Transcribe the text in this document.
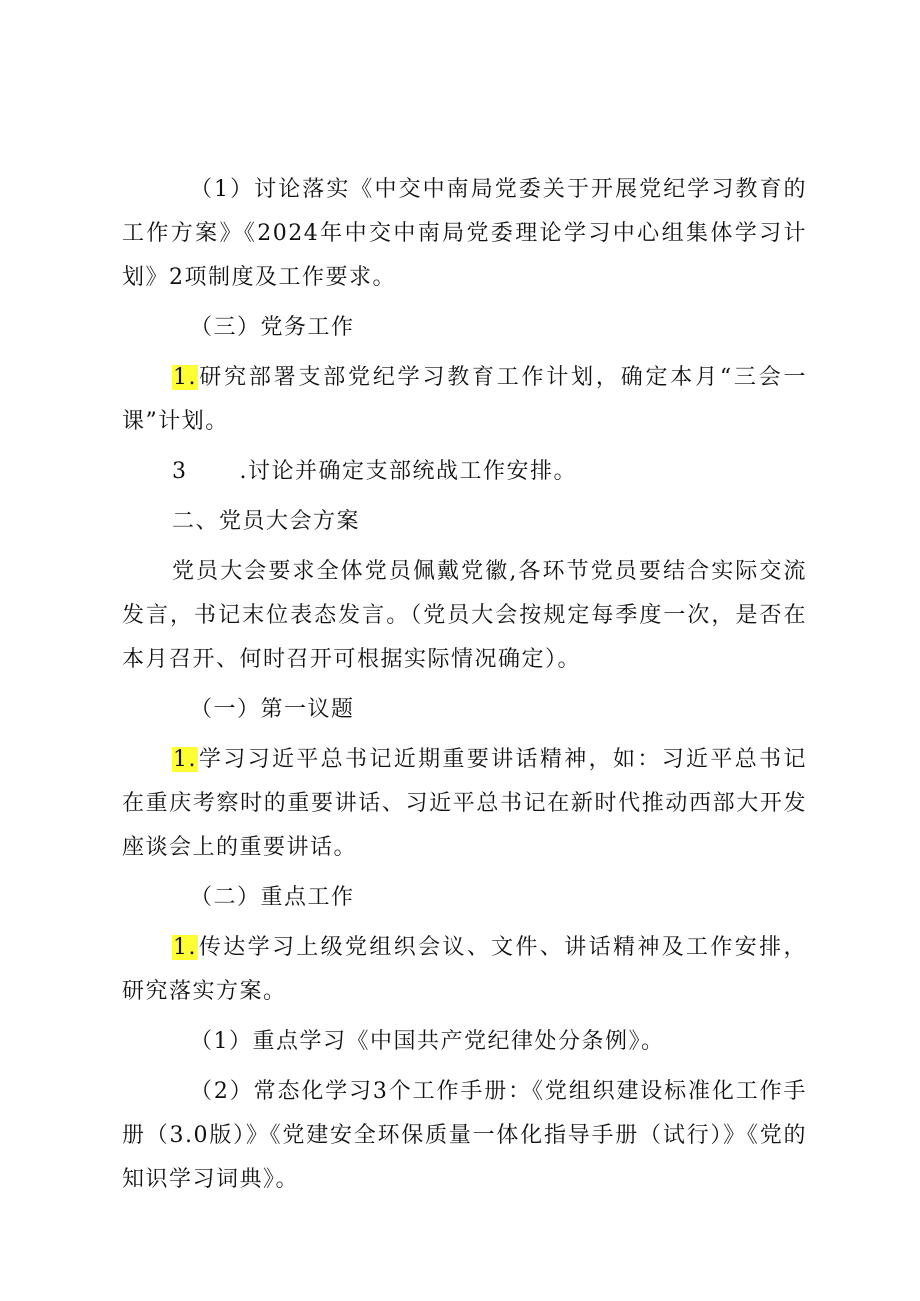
（1）讨论落实《中交中南局党委关于开展党纪学习教育的工作方案》《2024年中交中南局党委理论学习中心组集体学习计划》2项制度及工作要求。

（三）党务工作

1.研究部署支部党纪学习教育工作计划，确定本月“三会一课”计划。

3 .讨论并确定支部统战工作安排。

二、党员大会方案

党员大会要求全体党员佩戴党徽,各环节党员要结合实际交流发言，书记末位表态发言。（党员大会按规定每季度一次，是否在本月召开、何时召开可根据实际情况确定）。

（一）第一议题

1.学习习近平总书记近期重要讲话精神，如：习近平总书记在重庆考察时的重要讲话、习近平总书记在新时代推动西部大开发座谈会上的重要讲话。

（二）重点工作

1.传达学习上级党组织会议、文件、讲话精神及工作安排，研究落实方案。

（1）重点学习《中国共产党纪律处分条例》。

（2）常态化学习3个工作手册：《党组织建设标准化工作手册（3.0版）》《党建安全环保质量一体化指导手册（试行）》《党的知识学习词典》。
